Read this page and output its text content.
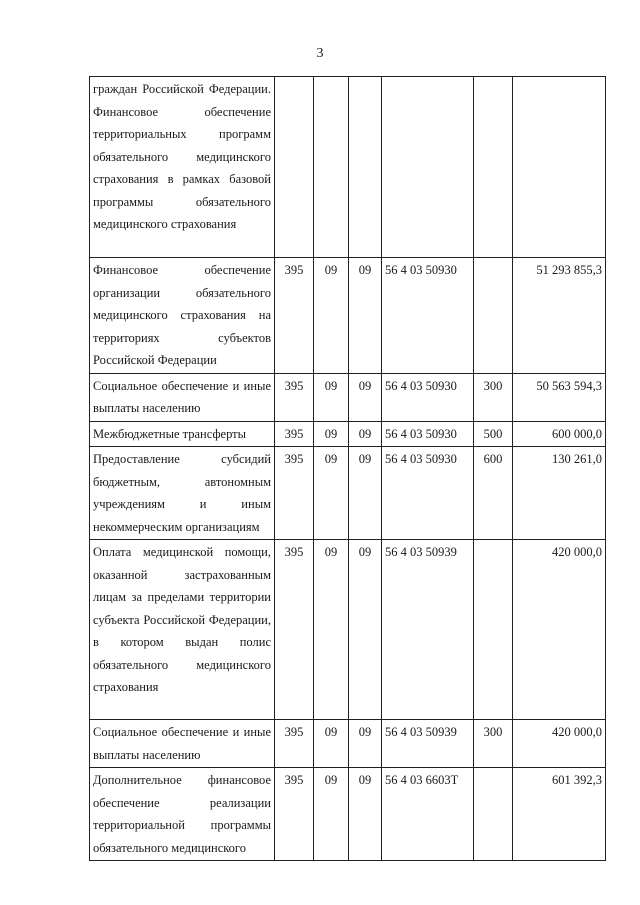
3
граждан Российской Федерации. Финансовое обеспечение территориальных программ обязательного медицинского страхования в рамках базовой программы обязательного медицинского страхования						
Финансовое обеспечение организации обязательного медицинского страхования на территориях субъектов Российской Федерации	395	09	09	56 4 03 50930		51 293 855,3
Социальное обеспечение и иные выплаты населению	395	09	09	56 4 03 50930	300	50 563 594,3
Межбюджетные трансферты	395	09	09	56 4 03 50930	500	600 000,0
Предоставление субсидий бюджетным, автономным учреждениям и иным некоммерческим организациям	395	09	09	56 4 03 50930	600	130 261,0
Оплата медицинской помощи, оказанной застрахованным лицам за пределами территории субъекта Российской Федерации, в котором выдан полис обязательного медицинского страхования	395	09	09	56 4 03 50939		420 000,0
Социальное обеспечение и иные выплаты населению	395	09	09	56 4 03 50939	300	420 000,0
Дополнительное финансовое обеспечение реализации территориальной программы обязательного медицинского	395	09	09	56 4 03 6603Т		601 392,3
